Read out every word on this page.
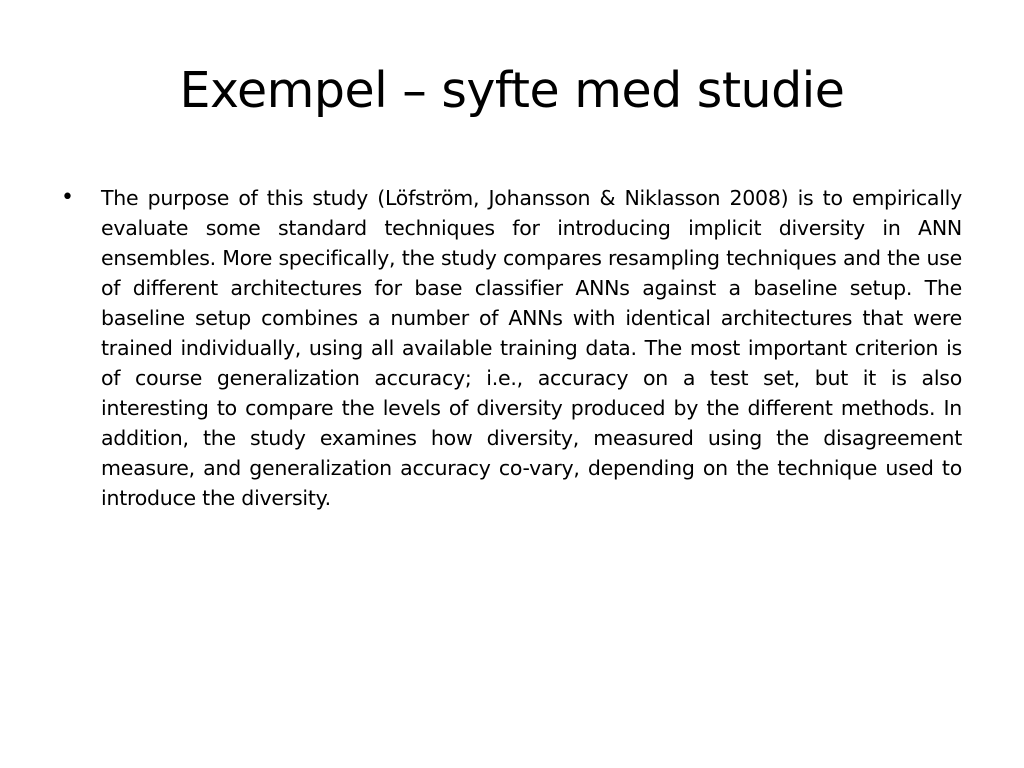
Exempel – syfte med studie
• The purpose of this study (Löfström, Johansson & Niklasson 2008) is to empirically evaluate some standard techniques for introducing implicit diversity in ANN ensembles. More specifically, the study compares resampling techniques and the use of different architectures for base classifier ANNs against a baseline setup. The baseline setup combines a number of ANNs with identical architectures that were trained individually, using all available training data. The most important criterion is of course generalization accuracy; i.e., accuracy on a test set, but it is also interesting to compare the levels of diversity produced by the different methods. In addition, the study examines how diversity, measured using the disagreement measure, and generalization accuracy co-vary, depending on the technique used to introduce the diversity.
